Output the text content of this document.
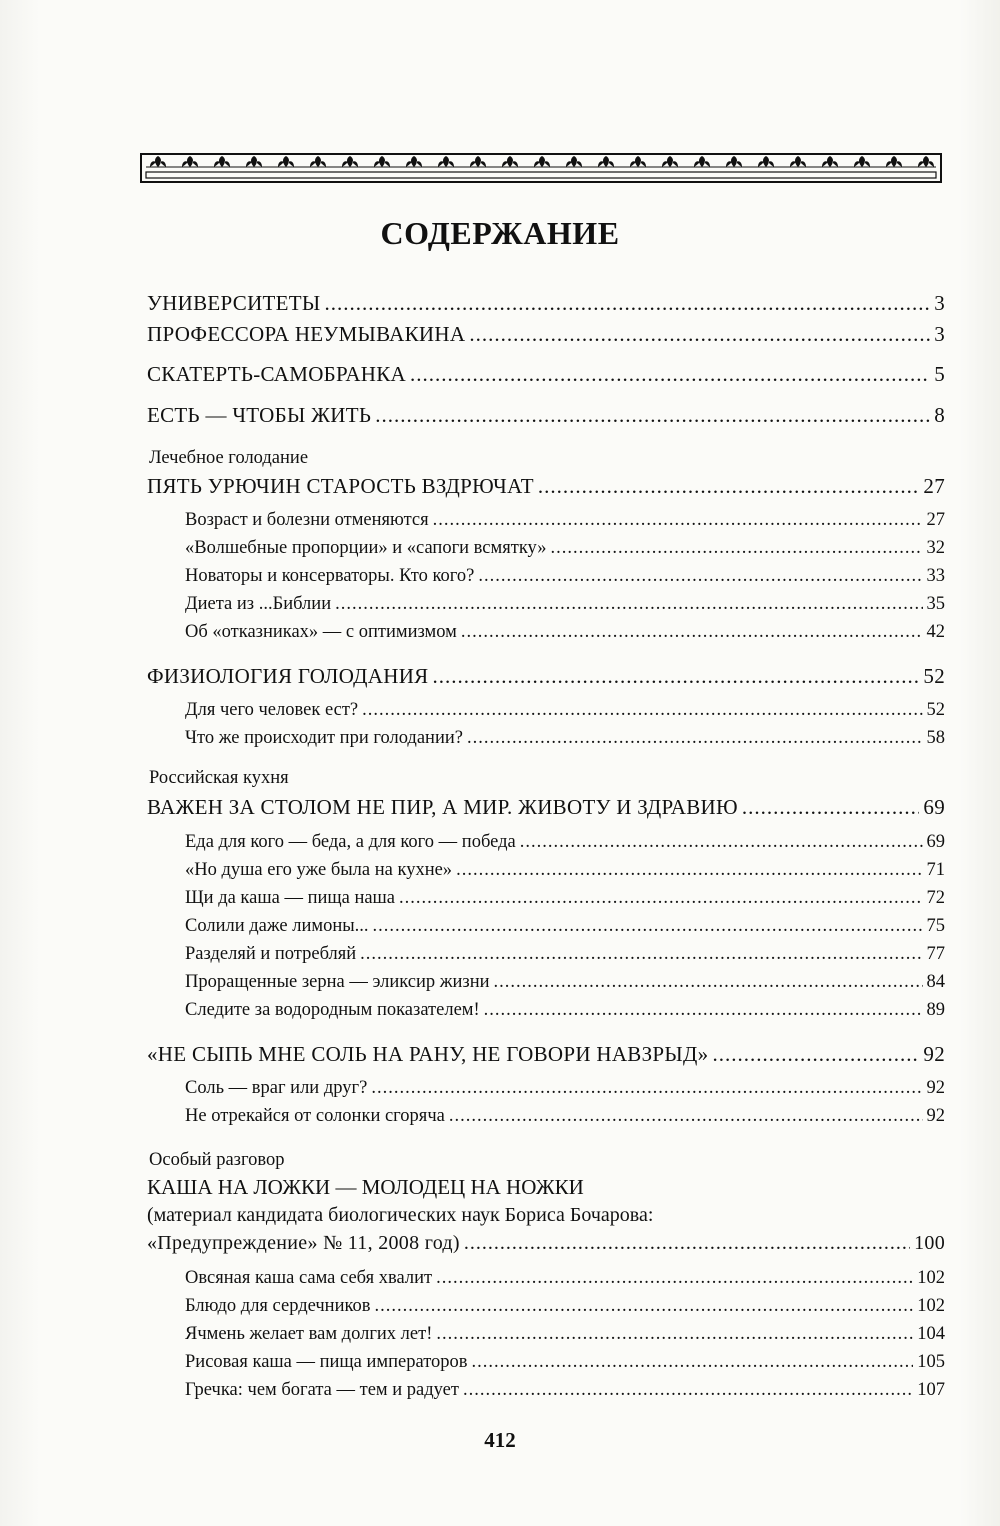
СОДЕРЖАНИЕ
УНИВЕРСИТЕТЫ .....	3
ПРОФЕССОРА НЕУМЫВАКИНА .....	3
СКАТЕРТЬ-САМОБРАНКА .....	5
ЕСТЬ — ЧТОБЫ ЖИТЬ .....	8
Лечебное голодание
ПЯТЬ УРЮЧИН СТАРОСТЬ ВЗДРЮЧАТ .....	27
Возраст и болезни отменяются .....	27
«Волшебные пропорции» и «сапоги всмятку» .....	32
Новаторы и консерваторы. Кто кого? .....	33
Диета из ...Библии .....	35
Об «отказниках» — с оптимизмом .....	42
ФИЗИОЛОГИЯ ГОЛОДАНИЯ .....	52
Для чего человек ест? .....	52
Что же происходит при голодании? .....	58
Российская кухня
ВАЖЕН ЗА СТОЛОМ НЕ ПИР, А МИР. ЖИВОТУ И ЗДРАВИЮ .....	69
Еда для кого — беда, а для кого — победа .....	69
«Но душа его уже была на кухне» .....	71
Щи да каша — пища наша .....	72
Солили даже лимоны... .....	75
Разделяй и потребляй .....	77
Проращенные зерна — эликсир жизни .....	84
Следите за водородным показателем! .....	89
«НЕ СЫПЬ МНЕ СОЛЬ НА РАНУ, НЕ ГОВОРИ НАВЗРЫД» .....	92
Соль — враг или друг? .....	92
Не отрекайся от солонки сгоряча .....	92
Особый разговор
КАША НА ЛОЖКИ — МОЛОДЕЦ НА НОЖКИ
(материал кандидата биологических наук Бориса Бочарова:
«Предупреждение» № 11, 2008 год) .....	100
Овсяная каша сама себя хвалит .....	102
Блюдо для сердечников .....	102
Ячмень желает вам долгих лет! .....	104
Рисовая каша — пища императоров .....	105
Гречка: чем богата — тем и радует .....	107
412
